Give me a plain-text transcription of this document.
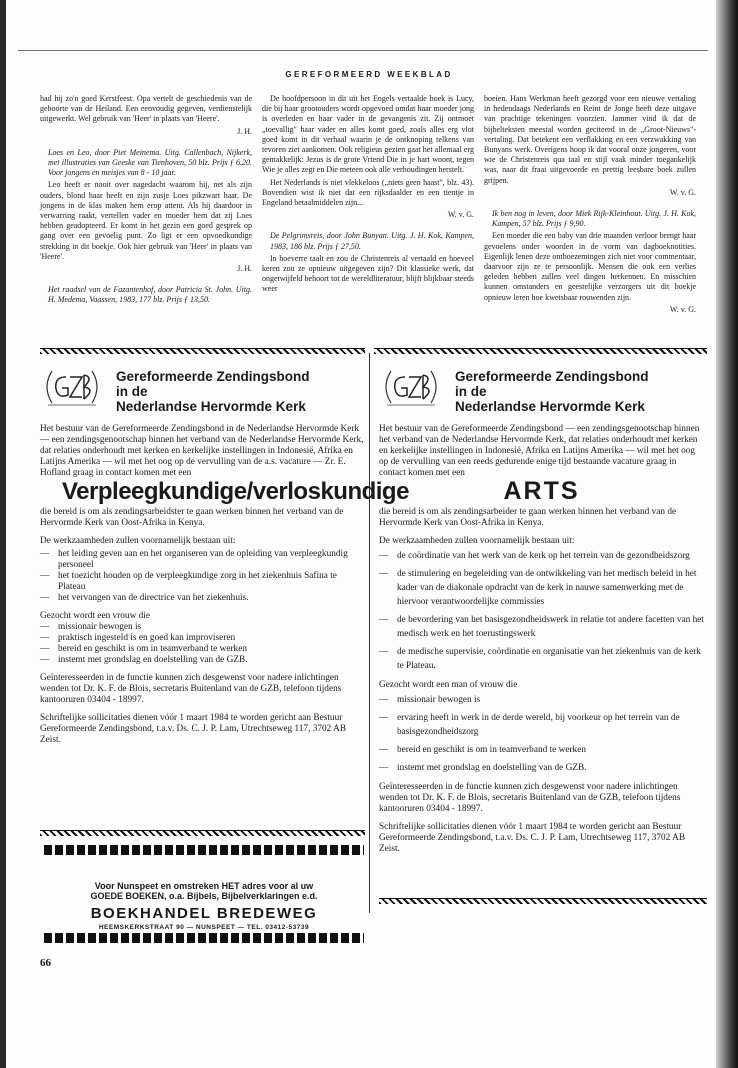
GEREFORMEERD WEEKBLAD

had hij zo'n goed Kerstfeest. Opa vertelt de geschiedenis van de geboorte van de Heiland. Een eenvoudig gegeven, verdienstelijk uitgewerkt. Wel gebruik van 'Heer' in plaats van 'Heere'.

J. H.

Loes en Leo, door Piet Meinema. Uitg. Callenbach, Nijkerk, met illustraties van Geeske van Tienhoven, 50 blz. Prijs ƒ 6,20. Voor jongens en meisjes van 8 - 10 jaar.

Leo heeft er nooit over nagedacht waarom hij, net als zijn ouders, blond haar heeft en zijn zusje Loes pikzwart haar. De jongens in de klas maken hem erop attent. Als hij daardoor in verwarring raakt, vertellen vader en moeder hem dat zij Loes hebben geadopteerd. Er komt in het gezin een goed gesprek op gang over een gevoelig punt. Zo ligt er een opvoedkundige strekking in dit boekje. Ook hier gebruik van 'Heer' in plaats van 'Heere'.

J. H.

Het raadsel van de Fazantenhof, door Patricia St. John. Uitg. H. Medema, Vaassen, 1983, 177 blz. Prijs ƒ 13,50.

De hoofdpersoon in dit uit het Engels vertaalde boek is Lucy, die bij haar grootouders wordt opgevoed omdat haar moeder jong is overleden en haar vader in de gevangenis zit. Zij ontmoet „toevallig" haar vader en alles komt goed, zoals alles erg vlot goed komt in dit verhaal waarin je de ontknoping telkens van tevoren ziet aankomen. Ook religieus gezien gaat het allemaal erg gemakkelijk: Jezus is de grote Vriend Die in je hart woont, tegen Wie je alles zegt en Die meteen ook alle verhoudingen herstelt.

Het Nederlands is niet vlekkeloos („niets geen haast", blz. 43). Bovendien wist ik niet dat een rijksdaalder en een tientje in Engeland betaalmiddelen zijn...

W. v. G.

De Pelgrimsreis, door John Bunyan. Uitg. J. H. Kok, Kampen, 1983, 186 blz. Prijs ƒ 27,50.

In hoeverre taalt en zou de Christenreis al vertaald en hoeveel keren zou ze opnieuw uitgegeven zijn? Dit klassieke werk, dat ongetwijfeld behoort tot de wereldliteratuur, blijft blijkbaar steeds weer

boeien. Hans Werkman heeft gezorgd voor een nieuwe vertaling in hedendaags Nederlands en Reint de Jonge heeft deze uitgave van prachtige tekeningen voorzien. Jammer vind ik dat de bijbelteksten meestal worden geciteerd in de „Groot-Nieuws"-vertaling. Dat betekent een verflakking en een verzwakking van Bunyans werk. Overigens hoop ik dat vooral onze jongeren, voor wie de Christenreis qua taal en stijl vaak minder toegankelijk was, naar dit fraai uitgevoerde en prettig leesbare boek zullen grijpen.

W. v. G.

Ik ben nog in leven, door Miek Rijk-Kleinhout. Uitg. J. H. Kok, Kampen, 57 blz. Prijs ƒ 9,90.

Een moeder die een baby van drie maanden verloor brengt haar gevoelens onder woorden in de vorm van dagboeknotities. Eigenlijk lenen deze ontboezemingen zich niet voor commentaar, daarvoor zijn ze te persoonlijk. Mensen die ook een verlies geleden hebben zullen veel dingen herkennen. En misschien kunnen omstanders en geestelijke verzorgers uit dit boekje opnieuw leren hoe kwetsbaar rouwenden zijn.

W. v. G.

Gereformeerde Zendingsbond
in de
Nederlandse Hervormde Kerk

Het bestuur van de Gereformeerde Zendingsbond in de Nederlandse Hervormde Kerk — een zendingsgenootschap binnen het verband van de Nederlandse Hervormde Kerk, dat relaties onderhoudt met kerken en kerkelijke instellingen in Indonesië, Afrika en Latijns Amerika — wil met het oog op de vervulling van de a.s. vacature — Zr. E. Hofland graag in contact komen met een

Verpleegkundige/verloskundige

die bereid is om als zendingsarbeidster te gaan werken binnen het verband van de Hervormde Kerk van Oost-Afrika in Kenya.

De werkzaamheden zullen voornamelijk bestaan uit:

— het leiding geven aan en het organiseren van de opleiding van verpleegkundig personeel
— het toezicht houden op de verpleegkundige zorg in het ziekenhuis Safina te Plateau
— het vervangen van de directrice van het ziekenhuis.

Gezocht wordt een vrouw die

— missionair bewogen is
— praktisch ingesteld is en goed kan improviseren
— bereid en geschikt is om in teamverband te werken
— instemt met grondslag en doelstelling van de GZB.

Geïnteresseerden in de functie kunnen zich desgewenst voor nadere inlichtingen wenden tot Dr. K. F. de Blois, secretaris Buitenland van de GZB, telefoon tijdens kantooruren 03404 - 18997.

Schriftelijke sollicitaties dienen vóór 1 maart 1984 te worden gericht aan Bestuur Gereformeerde Zendingsbond, t.a.v. Ds. C. J. P. Lam, Utrechtseweg 117, 3702 AB Zeist.

Gereformeerde Zendingsbond
in de
Nederlandse Hervormde Kerk

Het bestuur van de Gereformeerde Zendingsbond — een zendingsgenootschap binnen het verband van de Nederlandse Hervormde Kerk, dat relaties onderhoudt met kerken en kerkelijke instellingen in Indonesië, Afrika en Latijns Amerika — wil met het oog op de vervulling van een reeds gedurende enige tijd bestaande vacature graag in contact komen met een

ARTS

die bereid is om als zendingsarbeider te gaan werken binnen het verband van de Hervormde Kerk van Oost-Afrika in Kenya.

De werkzaamheden zullen voornamelijk bestaan uit:

— de coördinatie van het werk van de kerk op het terrein van de gezondheidszorg
— de stimulering en begeleiding van de ontwikkeling van het medisch beleid in het kader van de diakonale opdracht van de kerk in nauwe samenwerking met de hiervoor verantwoordelijke commissies
— de bevordering van het basisgezondheidswerk in relatie tot andere facetten van het medisch werk en het toerustingswerk
— de medische supervisie, coördinatie en organisatie van het ziekenhuis van de kerk te Plateau.

Gezocht wordt een man of vrouw die

— missionair bewogen is
— ervaring heeft in werk in de derde wereld, bij voorkeur op het terrein van de basisgezondheidszorg
— bereid en geschikt is om in teamverband te werken
— instemt met grondslag en doelstelling van de GZB.

Geïnteresseerden in de functie kunnen zich desgewenst voor nadere inlichtingen wenden tot Dr. K. F. de Blois, secretaris Buitenland van de GZB, telefoon tijdens kantooruren 03404 - 18997.

Schriftelijke sollicitaties dienen vóór 1 maart 1984 te worden gericht aan Bestuur Gereformeerde Zendingsbond, t.a.v. Ds. C. J. P. Lam, Utrechtseweg 117, 3702 AB Zeist.

Voor Nunspeet en omstreken HET adres voor al uw
GOEDE BOEKEN, o.a. Bijbels, Bijbelverklaringen e.d.
BOEKHANDEL BREDEWEG
HEEMSKERKSTRAAT 90 — NUNSPEET — TEL. 03412-53739
66
